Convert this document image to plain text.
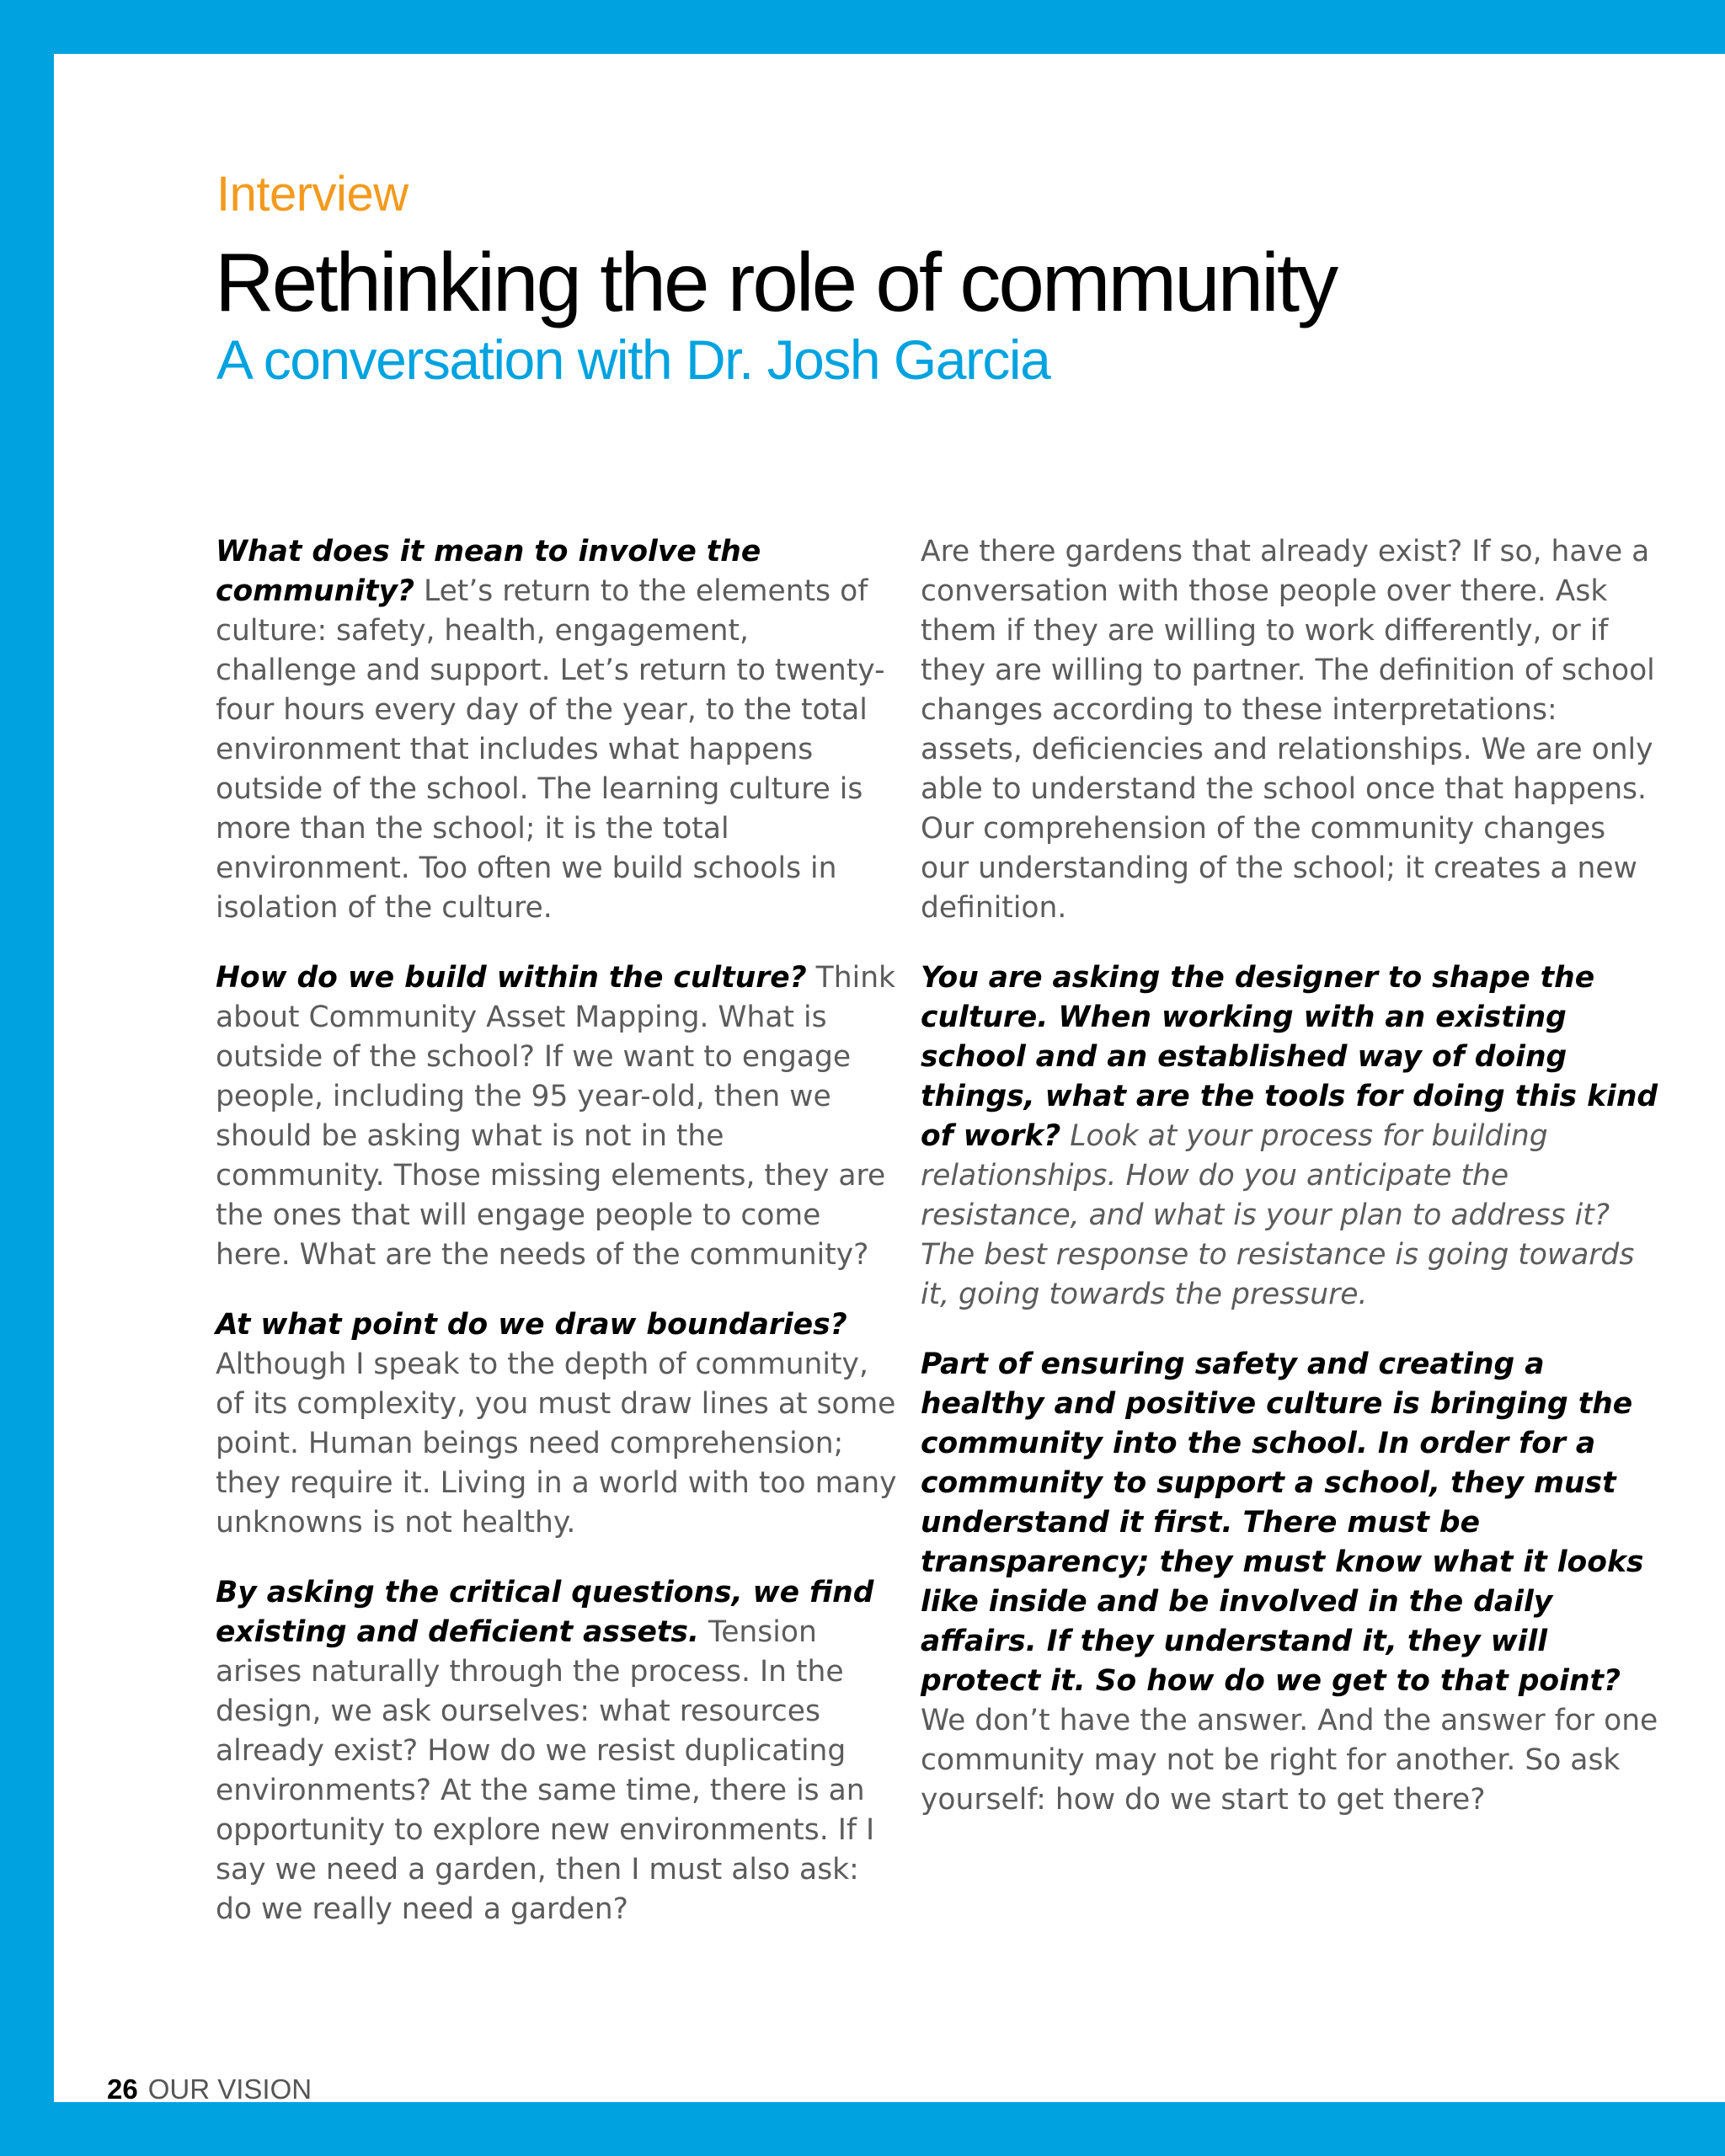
Interview
Rethinking the role of community
A conversation with Dr. Josh Garcia

What does it mean to involve the community? Let’s return to the elements of culture: safety, health, engagement, challenge and support. Let’s return to twenty-four hours every day of the year, to the total environment that includes what happens outside of the school. The learning culture is more than the school; it is the total environment. Too often we build schools in isolation of the culture.

How do we build within the culture? Think about Community Asset Mapping. What is outside of the school? If we want to engage people, including the 95 year-old, then we should be asking what is not in the community. Those missing elements, they are the ones that will engage people to come here. What are the needs of the community?

At what point do we draw boundaries? Although I speak to the depth of community, of its complexity, you must draw lines at some point. Human beings need comprehension; they require it. Living in a world with too many unknowns is not healthy.

By asking the critical questions, we find existing and deficient assets. Tension arises naturally through the process. In the design, we ask ourselves: what resources already exist? How do we resist duplicating environments? At the same time, there is an opportunity to explore new environments. If I say we need a garden, then I must also ask: do we really need a garden?

Are there gardens that already exist? If so, have a conversation with those people over there. Ask them if they are willing to work differently, or if they are willing to partner. The definition of school changes according to these interpretations: assets, deficiencies and relationships. We are only able to understand the school once that happens. Our comprehension of the community changes our understanding of the school; it creates a new definition.

You are asking the designer to shape the culture. When working with an existing school and an established way of doing things, what are the tools for doing this kind of work? Look at your process for building relationships. How do you anticipate the resistance, and what is your plan to address it? The best response to resistance is going towards it, going towards the pressure.

Part of ensuring safety and creating a healthy and positive culture is bringing the community into the school. In order for a community to support a school, they must understand it first. There must be transparency; they must know what it looks like inside and be involved in the daily affairs. If they understand it, they will protect it. So how do we get to that point? We don’t have the answer. And the answer for one community may not be right for another. So ask yourself: how do we start to get there?

26 OUR VISION
